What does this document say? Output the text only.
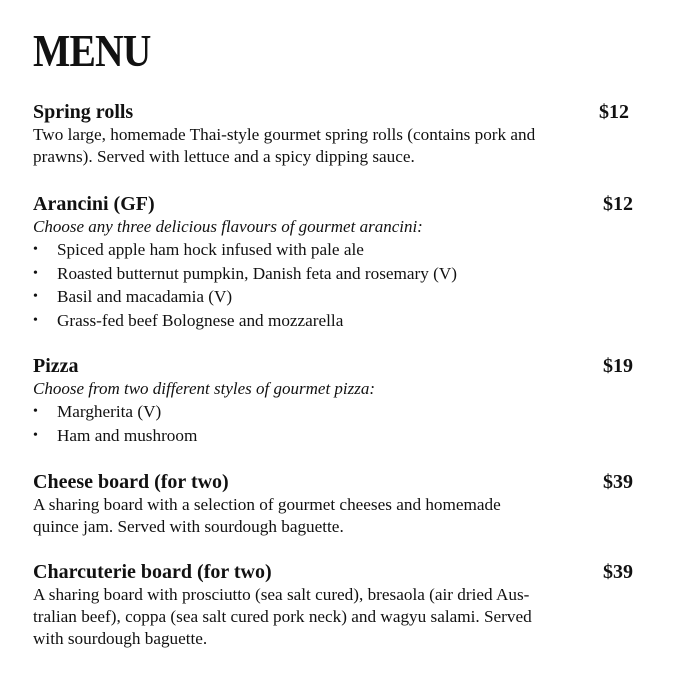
MENU
Spring rolls	$12

Two large, homemade Thai-style gourmet spring rolls (contains pork and

prawns). Served with lettuce and a spicy dipping sauce.

Arancini (GF)	$12

Choose any three delicious flavours of gourmet arancini:

• Spiced apple ham hock infused with pale ale
• Roasted butternut pumpkin, Danish feta and rosemary (V)
• Basil and macadamia (V)
• Grass-fed beef Bolognese and mozzarella
Pizza	$19

Choose from two different styles of gourmet pizza:

• Margherita (V)
• Ham and mushroom
Cheese board (for two)	$39

A sharing board with a selection of gourmet cheeses and homemade

quince jam. Served with sourdough baguette.

Charcuterie board (for two)	$39

A sharing board with prosciutto (sea salt cured), bresaola (air dried Aus-

tralian beef), coppa (sea salt cured pork neck) and wagyu salami. Served

with sourdough baguette.
